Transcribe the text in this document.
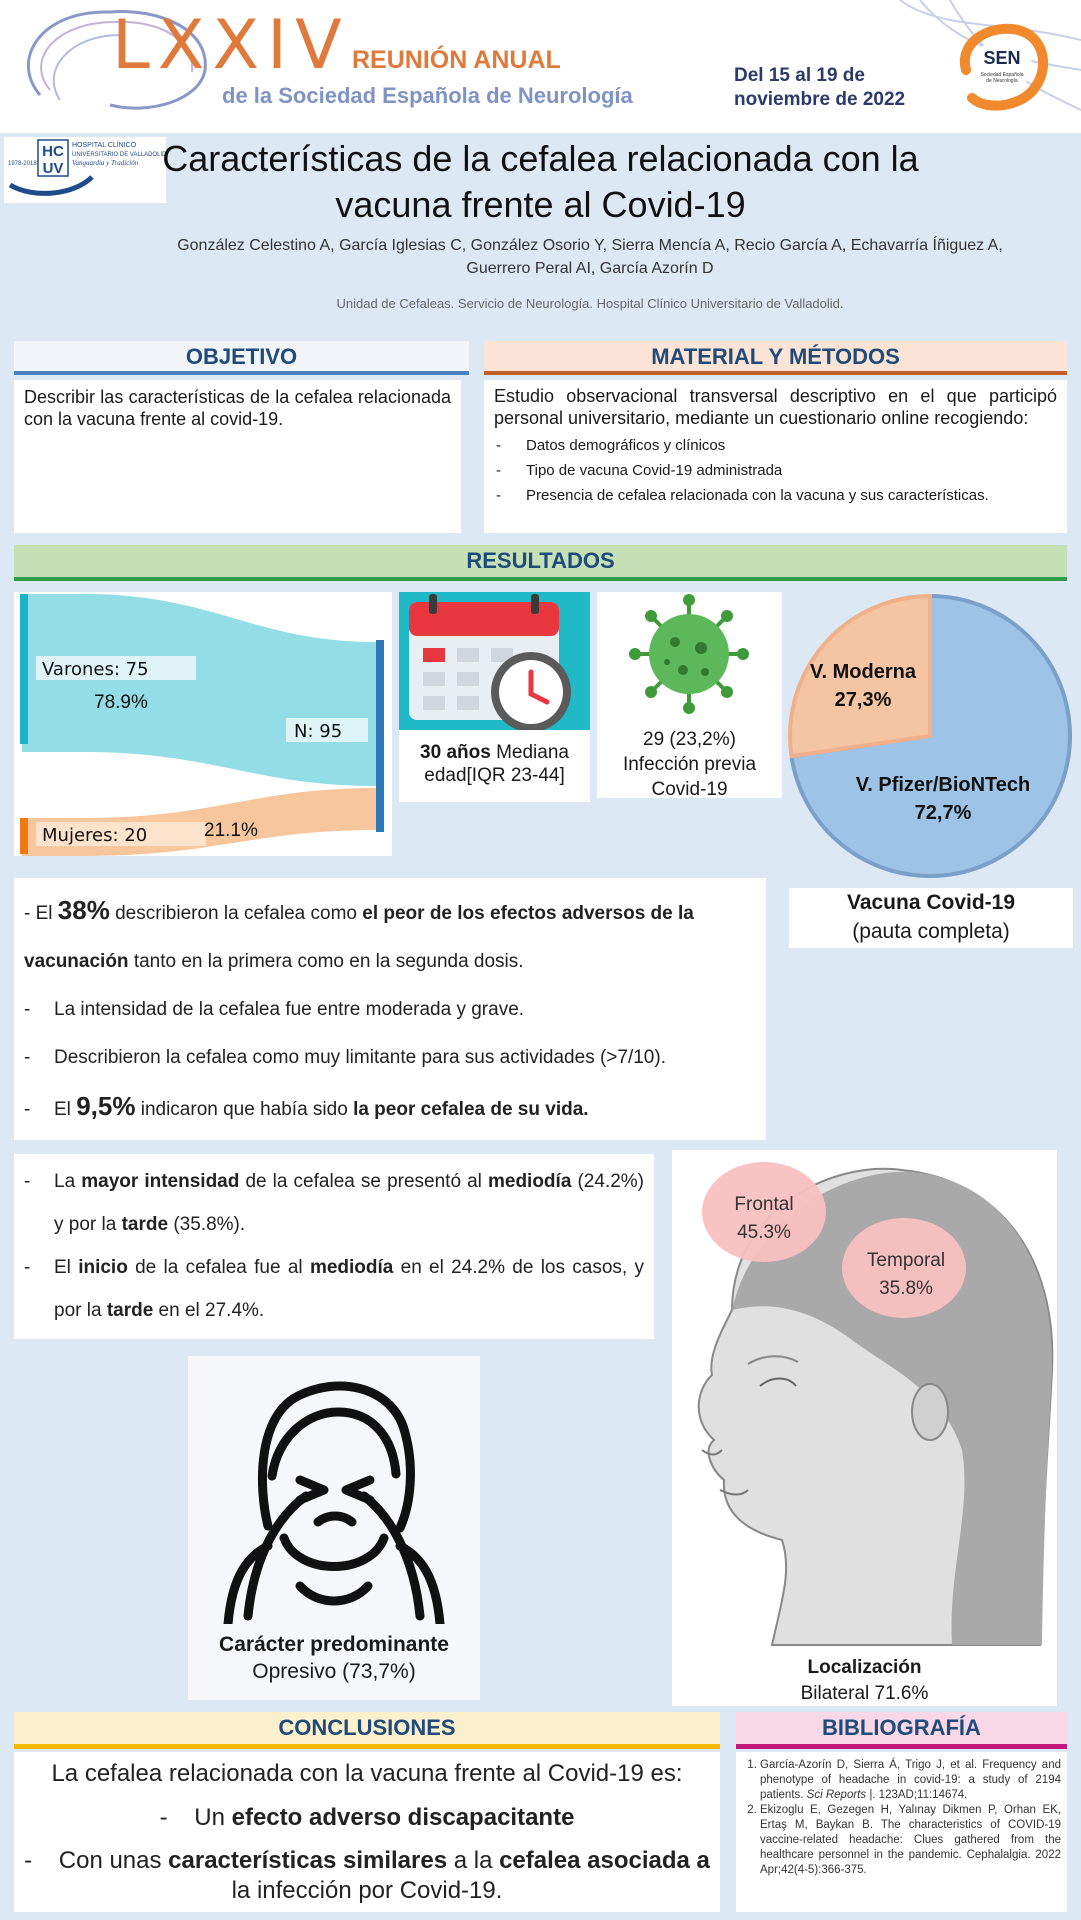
LXXIV REUNIÓN ANUAL
de la Sociedad Española de Neurología
Del 15 al 19 de
noviembre de 2022
SEN
Sociedad Española
de Neurología
1978-2018
HC
UV
HOSPITAL CLÍNICO
UNIVERSITARIO DE VALLADOLID
Vanguardia y Tradición Características de la cefalea relacionada con la
vacuna frente al Covid-19
González Celestino A, García Iglesias C, González Osorio Y, Sierra Mencía A, Recio García A, Echavarría Íñiguez A,
Guerrero Peral AI, García Azorín D
Unidad de Cefaleas. Servicio de Neurología. Hospital Clínico Universitario de Valladolid.
OBJETIVO
Describir las características de la cefalea relacionada con la vacuna frente al covid-19.
MATERIAL Y MÉTODOS
Estudio observacional transversal descriptivo en el que participó personal universitario, mediante un cuestionario online recogiendo:
- Datos demográficos y clínicos
- Tipo de vacuna Covid-19 administrada
- Presencia de cefalea relacionada con la vacuna y sus características.
RESULTADOS
Varones: 75
78.9%
N: 95
Mujeres: 20	21.1%
30 años Mediana
edad[IQR 23-44]
29 (23,2%)
Infección previa
Covid-19
V. Moderna
27,3%
V. Pfizer/BioNTech
72,7%
Vacuna Covid-19
(pauta completa)

- El 38% describieron la cefalea como el peor de los efectos adversos de la
vacunación tanto en la primera como en la segunda dosis.

- La intensidad de la cefalea fue entre moderada y grave.

- Describieron la cefalea como muy limitante para sus actividades (>7/10).

- El 9,5% indicaron que había sido la peor cefalea de su vida.

- La mayor intensidad de la cefalea se presentó al mediodía (24.2%) y por la tarde (35.8%).

- El inicio de la cefalea fue al mediodía en el 24.2% de los casos, y por la tarde en el 27.4%.

Frontal
45.3%
Temporal
35.8%
Localización
Bilateral 71.6%
Carácter predominante
Opresivo (73,7%)
CONCLUSIONES
La cefalea relacionada con la vacuna frente al Covid-19 es:
-    Un efecto adverso discapacitante
-    Con unas características similares a la cefalea asociada a
la infección por Covid-19.
BIBLIOGRAFÍA
1. García-Azorín D, Sierra Á, Trigo J, et al. Frequency and phenotype of headache in covid-19: a study of 2194 patients. Sci Reports |. 123AD;11:14674.
2. Ekizoglu E, Gezegen H, Yalınay Dikmen P, Orhan EK, Ertaş M, Baykan B. The characteristics of COVID-19 vaccine-related headache: Clues gathered from the healthcare personnel in the pandemic. Cephalalgia. 2022 Apr;42(4-5):366-375.
